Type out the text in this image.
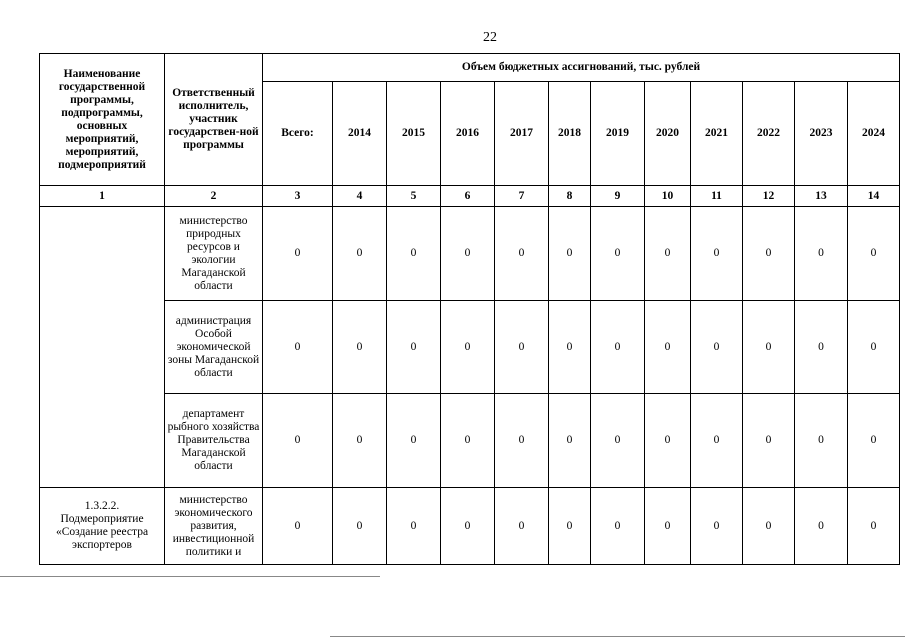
22
Наименование государственной программы, подпрограммы, основных мероприятий, мероприятий, подмероприятий	Ответственный исполнитель, участник государствен-ной программы	Объем бюджетных ассигнований, тыс. рублей											
		Всего:	2014	2015	2016	2017	2018	2019	2020	2021	2022	2023	2024
1	2	3	4	5	6	7	8	9	10	11	12	13	14
	министерство природных ресурсов и экологии Магаданской области	0	0	0	0	0	0	0	0	0	0	0	0
	администрация Особой экономической зоны Магаданской области	0	0	0	0	0	0	0	0	0	0	0	0
	департамент рыбного хозяйства Правительства Магаданской области	0	0	0	0	0	0	0	0	0	0	0	0
1.3.2.2. Подмероприятие «Создание реестра экспортеров	министерство экономического развития, инвестиционной политики и	0	0	0	0	0	0	0	0	0	0	0	0
